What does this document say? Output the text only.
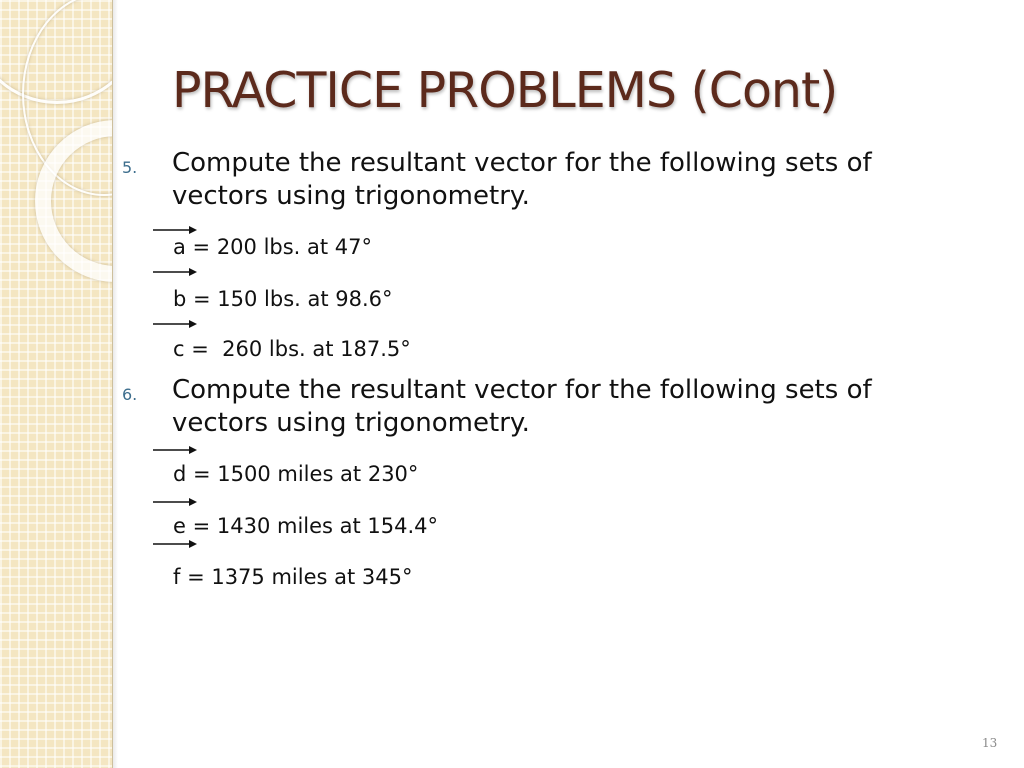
PRACTICE PROBLEMS (Cont)
5. Compute the resultant vector for the following sets of vectors using trigonometry.
a = 200 lbs. at 47°
b = 150 lbs. at 98.6°
c =  260 lbs. at 187.5°
6. Compute the resultant vector for the following sets of vectors using trigonometry.
d = 1500 miles at 230°
e = 1430 miles at 154.4°
f = 1375 miles at 345°
13
